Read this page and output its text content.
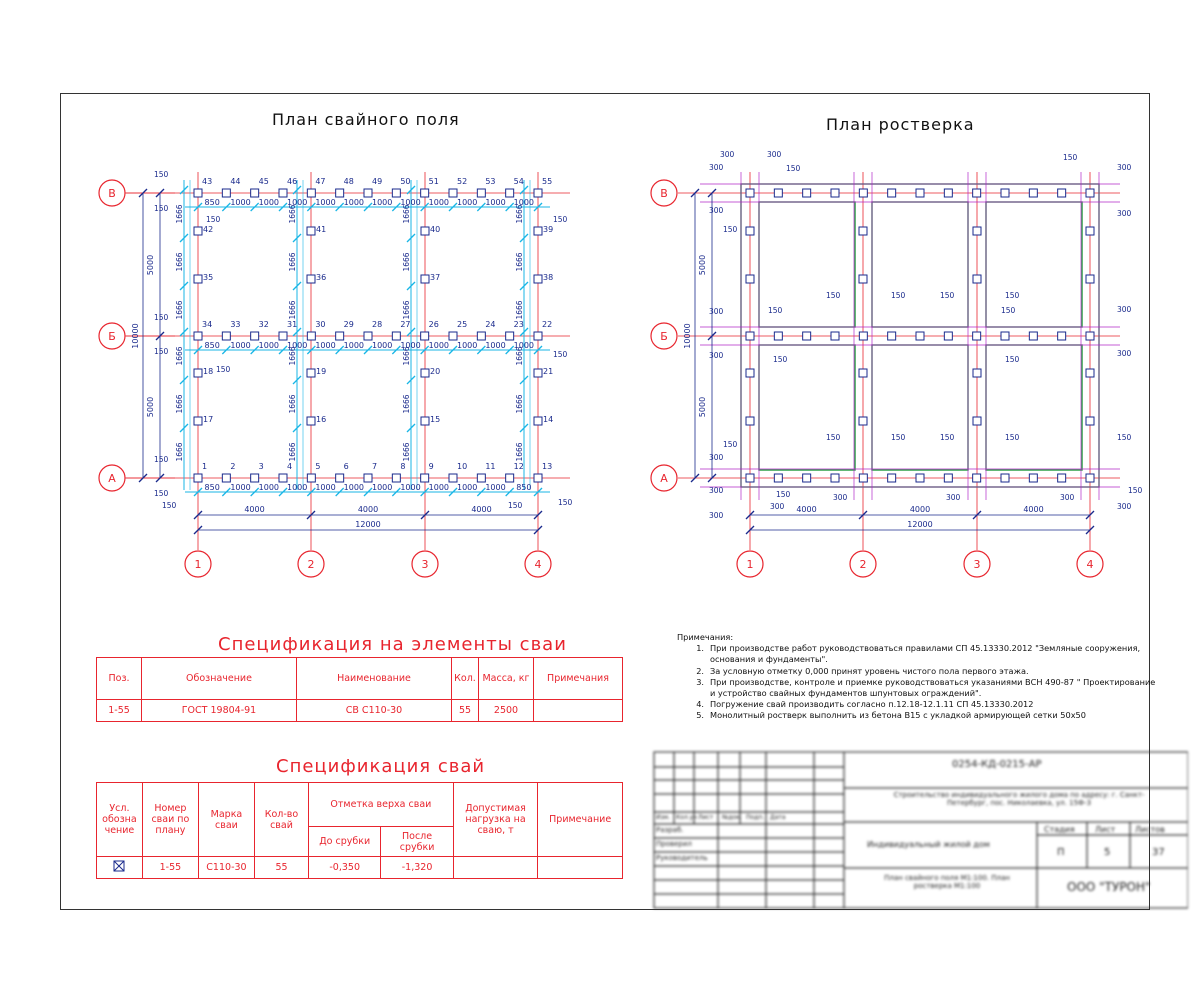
План свайного поля	План ростверка
В
Б
А
1	2	3	4
43 44 45 46 47 48 49 50 51 52 53 54 55
850 1000 1000 1000 1000 1000 1000 1000 1000 1000 1000 1000
150
150
34 33 32 31 30 29 28 27 26 25 24 23 22
850 1000 1000 1000 1000 1000 1000 1000 1000 1000 1000 1000
150
150
1	2	3	4	5	6	7	8	9	10 11 12 13
850 1000 1000 1000 1000 1000 1000 1000 1000 1000 1000 850
150
150
150	150
150
150
150	150	150
42
35
18
17
1666
1666
1666
1666
1666
1666
41
36
19
16
1666
1666
1666
1666
1666
1666
40
37
20
15
1666
1666
1666
1666
1666
1666
39
38
21
14
1666
1666
1666
1666
1666
1666
4000	4000	4000
12000
5000
5000
10000
В
Б
А
1	2	3	4
300	300
300
300
300
300
300
300
300
300
300
300
300
300	300	300
300
300
150
150
150
150	150	150	150
150
150
150
150	150	150	150	150
150
150
150	150
4000	4000	4000
12000
5000
5000
10000
Спецификация на элементы сваи
Поз.	Обозначение	Наименование	Кол.	Масса, кг	Примечания
1-55	ГОСТ 19804-91	СВ С110-30	55	2500	
Спецификация свай
Усл. обозна чение	Номер сваи по плану	Марка сваи	Кол-во свай	Отметка верха сваи		Допустимая нагрузка на сваю, т	Примечание
				До срубки	После срубки		
	1-55	С110-30	55	-0,350	-1,320		
Примечания:
1. При производстве работ руководствоваться правилами СП 45.13330.2012 "Земляные сооружения, основания и фундаменты".
2. За условную отметку 0,000 принят уровень чистого пола первого этажа.
3. При производстве, контроле и приемке руководствоваться указаниями ВСН 490-87 " Проектирование и устройство свайных фундаментов шпунтовых ограждений".
4. Погружение свай производить согласно п.12.18-12.1.11 СП 45.13330.2012
5. Монолитный ростверк выполнить из бетона В15 с укладкой армирующей сетки 50х50
0254-КД-0215-АР
Строительство индивидуального жилого дома по адресу: г. Санкт-Петербург, пос. Николаевка, ул. 15Ф-3
Индивидуальный жилой дом
Стадия	Лист Листов
П	5	37
План свайного поля М1:100. План ростверка М1:100	ООО "ТУРОН"
Разраб.
Проверил
Руководитель
Изм. Кол.уч Лист №док. Подп. Дата
